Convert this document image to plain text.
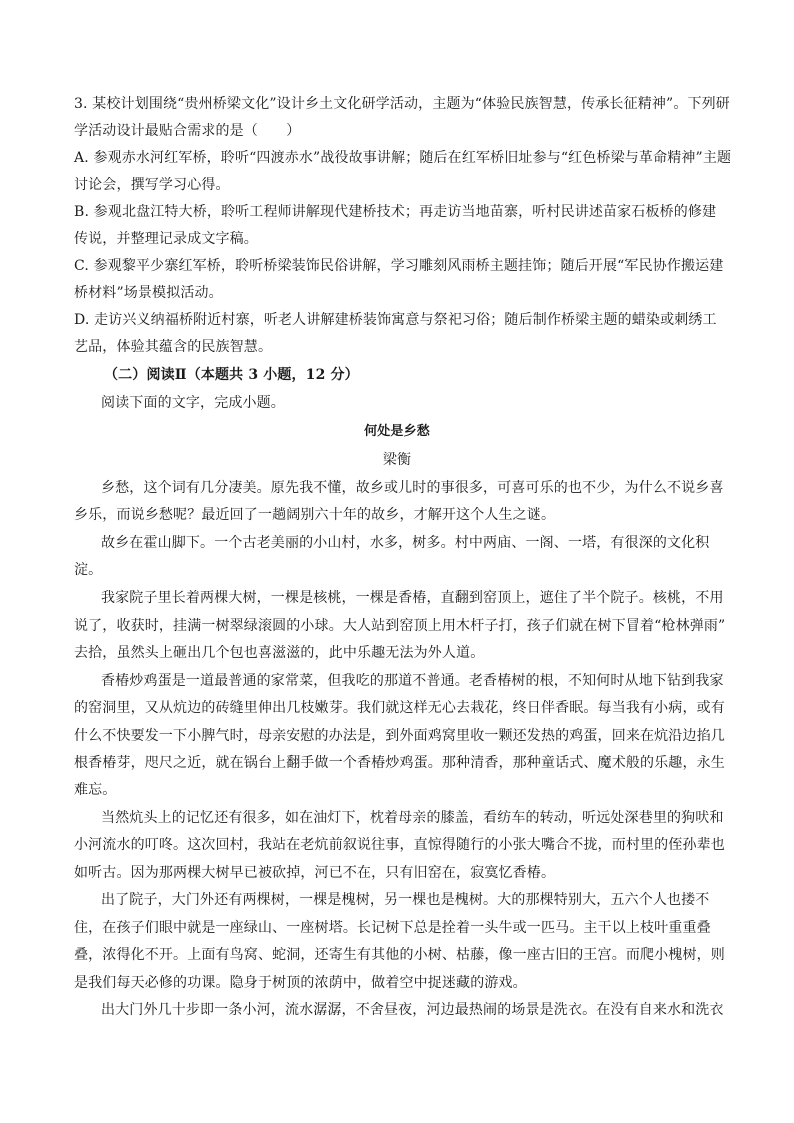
3. 某校计划围绕“贵州桥梁文化”设计乡土文化研学活动，主题为“体验民族智慧，传承长征精神”。下列研
学活动设计最贴合需求的是（　　）
A. 参观赤水河红军桥，聆听“四渡赤水”战役故事讲解；随后在红军桥旧址参与“红色桥梁与革命精神”主题
讨论会，撰写学习心得。
B. 参观北盘江特大桥，聆听工程师讲解现代建桥技术；再走访当地苗寨，听村民讲述苗家石板桥的修建
传说，并整理记录成文字稿。
C. 参观黎平少寨红军桥，聆听桥梁装饰民俗讲解，学习雕刻风雨桥主题挂饰；随后开展“军民协作搬运建
桥材料”场景模拟活动。
D. 走访兴义纳福桥附近村寨，听老人讲解建桥装饰寓意与祭祀习俗；随后制作桥梁主题的蜡染或刺绣工
艺品，体验其蕴含的民族智慧。
（二）阅读Ⅱ（本题共 3 小题，12 分）
阅读下面的文字，完成小题。
何处是乡愁
梁衡
乡愁，这个词有几分凄美。原先我不懂，故乡或儿时的事很多，可喜可乐的也不少，为什么不说乡喜
乡乐，而说乡愁呢？最近回了一趟阔别六十年的故乡，才解开这个人生之谜。
故乡在霍山脚下。一个古老美丽的小山村，水多，树多。村中两庙、一阁、一塔，有很深的文化积
淀。
我家院子里长着两棵大树，一棵是核桃，一棵是香椿，直翻到窑顶上，遮住了半个院子。核桃，不用
说了，收获时，挂满一树翠绿滚圆的小球。大人站到窑顶上用木杆子打，孩子们就在树下冒着“枪林弹雨”
去拾，虽然头上砸出几个包也喜滋滋的，此中乐趣无法为外人道。
香椿炒鸡蛋是一道最普通的家常菜，但我吃的那道不普通。老香椿树的根，不知何时从地下钻到我家
的窑洞里，又从炕边的砖缝里伸出几枝嫩芽。我们就这样无心去栽花，终日伴香眠。每当我有小病，或有
什么不快要发一下小脾气时，母亲安慰的办法是，到外面鸡窝里收一颗还发热的鸡蛋，回来在炕沿边掐几
根香椿芽，咫尺之近，就在锅台上翻手做一个香椿炒鸡蛋。那种清香，那种童话式、魔术般的乐趣，永生
难忘。
当然炕头上的记忆还有很多，如在油灯下，枕着母亲的膝盖，看纺车的转动，听远处深巷里的狗吠和
小河流水的叮咚。这次回村，我站在老炕前叙说往事，直惊得随行的小张大嘴合不拢，而村里的侄孙辈也
如听古。因为那两棵大树早已被砍掉，河已不在，只有旧窑在，寂寞忆香椿。
出了院子，大门外还有两棵树，一棵是槐树，另一棵也是槐树。大的那棵特别大，五六个人也搂不
住，在孩子们眼中就是一座绿山、一座树塔。长记树下总是拴着一头牛或一匹马。主干以上枝叶重重叠
叠，浓得化不开。上面有鸟窝、蛇洞，还寄生有其他的小树、枯藤，像一座古旧的王宫。而爬小槐树，则
是我们每天必修的功课。隐身于树顶的浓荫中，做着空中捉迷藏的游戏。
出大门外几十步即一条小河，流水潺潺，不舍昼夜，河边最热闹的场景是洗衣。在没有自来水和洗衣
